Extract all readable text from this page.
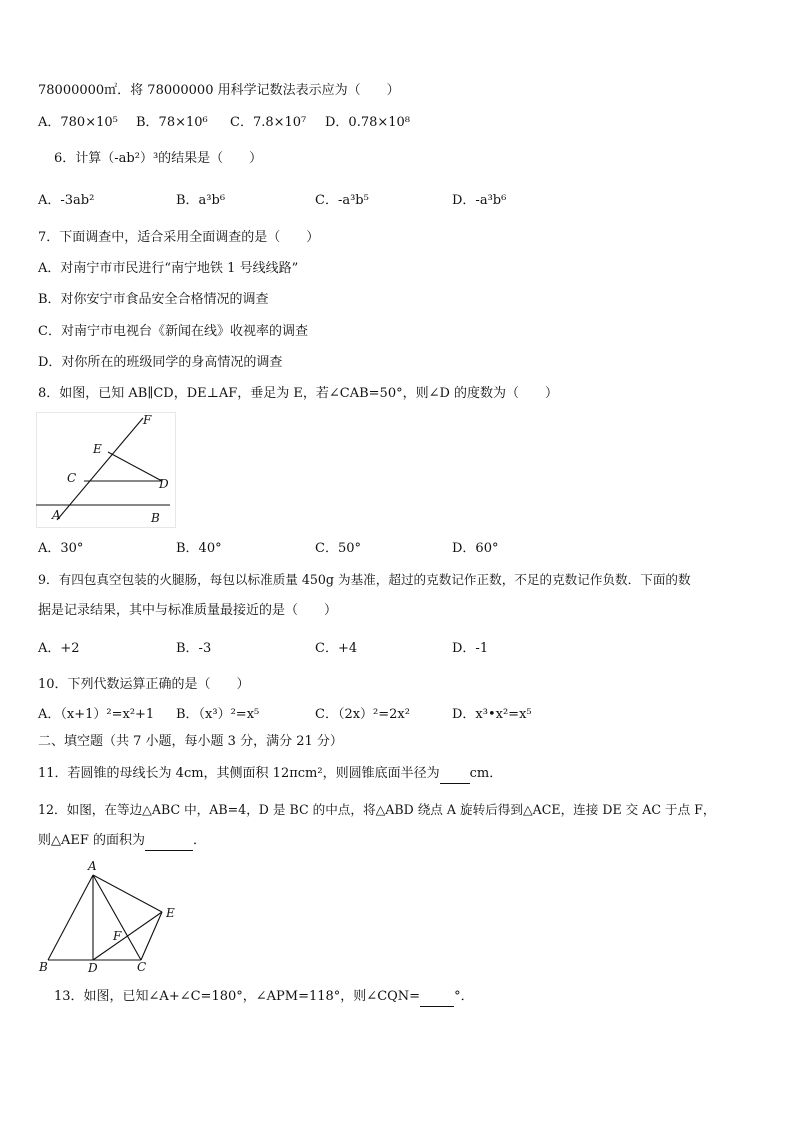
78000000㎡．将 78000000 用科学记数法表示应为（　　）
A．780×10⁵ B．78×10⁶ C．7.8×10⁷ D．0.78×10⁸
6．计算（-ab²）³的结果是（　　）
A．-3ab²	B．a³b⁶	C．-a³b⁵	D．-a³b⁶
7．下面调查中，适合采用全面调查的是（　　）
A．对南宁市市民进行“南宁地铁 1 号线线路”
B．对你安宁市食品安全合格情况的调查
C．对南宁市电视台《新闻在线》收视率的调查
D．对你所在的班级同学的身高情况的调查
8．如图，已知 AB∥CD，DE⊥AF，垂足为 E，若∠CAB=50°，则∠D 的度数为（　　）
F
E
C	D
A	B
A．30°	B．40°	C．50°	D．60°
9．有四包真空包装的火腿肠，每包以标准质量 450g 为基准，超过的克数记作正数，不足的克数记作负数．下面的数
据是记录结果，其中与标准质量最接近的是（　　）
A．+2	B．-3	C．+4	D．-1
10．下列代数运算正确的是（　　）
A．（x+1）²=x²+1 B．（x³）²=x⁵	C．（2x）²=2x²	D．x³•x²=x⁵
二、填空题（共 7 小题，每小题 3 分，满分 21 分）
11．若圆锥的母线长为 4cm，其侧面积 12πcm²，则圆锥底面半径为 cm．
12．如图，在等边△ABC 中，AB=4，D 是 BC 的中点，将△ABD 绕点 A 旋转后得到△ACE，连接 DE 交 AC 于点 F，
则△AEF 的面积为	．
A
B	D	C
E
F
13．如图，已知∠A+∠C=180°，∠APM=118°，则∠CQN=	°．
